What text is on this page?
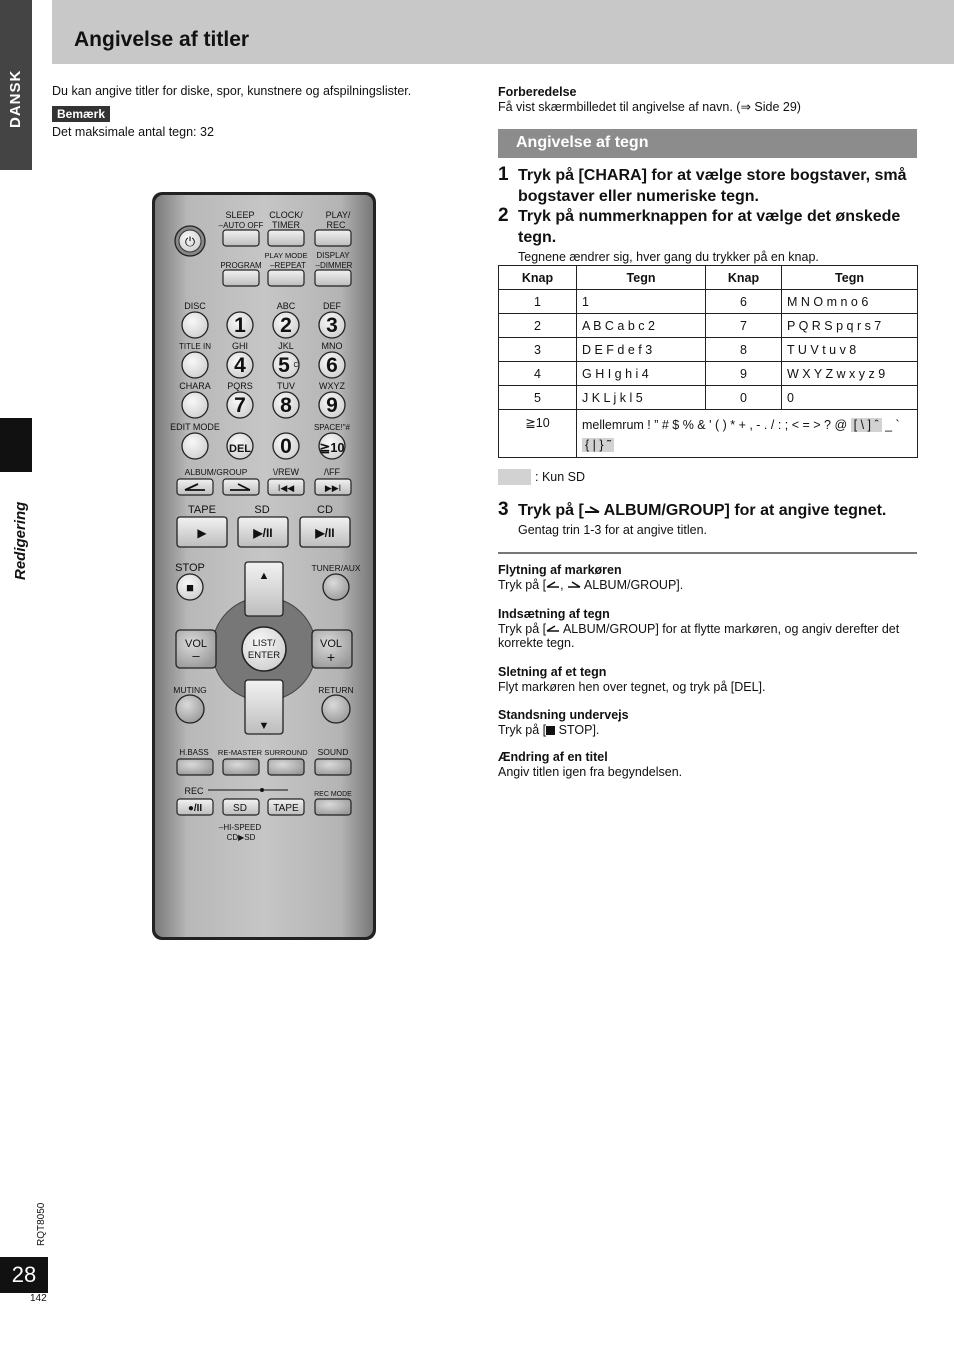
DANSK
Redigering
RQT8050
28
142
Angivelse af titler
Du kan angive titler for diske, spor, kunstnere og afspilningslister.
Bemærk
Det maksimale antal tegn: 32
⏻
SLEEP
–AUTO OFF
CLOCK/
TIMER
PLAY/
REC
PROGRAM
PLAY MODE
–REPEAT
DISPLAY
–DIMMER
DISC	ABC	DEF
TITLE IN GHI	JKL	MNO
CHARA PQRS	TUV	WXYZ
EDIT MODE	SPACE!"#
1 2 3
4 5 C 6
7 8 9
DEL 0 ≧10
ALBUM/GROUP	\/REW	/\FF
I◀◀	▶▶I
TAPE	SD	CD
▶	▶/II	▶/II
STOP
■
TUNER/AUX
▲
▼
VOL
–
VOL
+
LIST/
ENTER
MUTING	RETURN
H.BASS RE-MASTER SURROUND SOUND
REC	REC MODE
●/II	SD	TAPE
–HI-SPEED
CD▶SD
Forberedelse
Få vist skærmbilledet til angivelse af navn. (⇒ Side 29)
Angivelse af tegn
1 Tryk på [CHARA] for at vælge store bogstaver, små bogstaver eller numeriske tegn.
2 Tryk på nummerknappen for at vælge det ønskede tegn.
Tegnene ændrer sig, hver gang du trykker på en knap.
Knap	Tegn	Knap	Tegn
1	1	6	M N O m n o 6
2	A B C a b c 2	7	P Q R S p q r s 7
3	D E F d e f 3	8	T U V t u v 8
4	G H I g h i 4	9	W X Y Z w x y z 9
5	J K L j k l 5	0	0
≧10	mellemrum ! ” # $ % & ' ( ) * + , - . / : ; < = > ? @ [ \ ] ˆ _ `
{ | } ˜		
: Kun SD
3 Tryk på [ ALBUM/GROUP] for at angive tegnet.
Gentag trin 1-3 for at angive titlen.
Flytning af markøren
Tryk på [ ,  ALBUM/GROUP].
Indsætning af tegn
Tryk på [ ALBUM/GROUP] for at flytte markøren, og angiv derefter det korrekte tegn.
Sletning af et tegn
Flyt markøren hen over tegnet, og tryk på [DEL].
Standsning undervejs
Tryk på [ STOP].
Ændring af en titel
Angiv titlen igen fra begyndelsen.
